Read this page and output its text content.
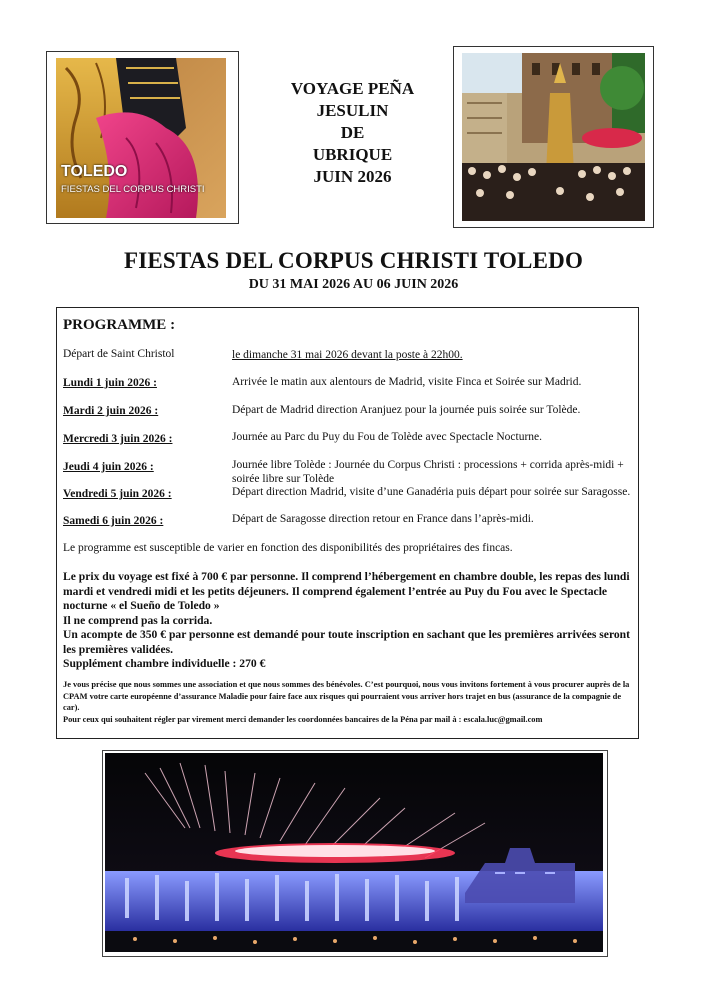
TOLEDO
FIESTAS DEL CORPUS CHRISTI
VOYAGE PEÑA
JESULIN
DE
UBRIQUE
JUIN 2026
FIESTAS DEL CORPUS CHRISTI TOLEDO
DU 31 MAI 2026 AU 06 JUIN 2026
PROGRAMME :
Départ de Saint Christol	le dimanche 31 mai 2026 devant la poste à 22h00.
Lundi 1 juin 2026 :	Arrivée le matin aux alentours de Madrid, visite Finca et Soirée sur Madrid.
Mardi 2 juin 2026 :	Départ de Madrid direction Aranjuez pour la journée puis soirée sur Tolède.
Mercredi 3 juin 2026 :	Journée au Parc du Puy du Fou de Tolède avec Spectacle Nocturne.
Jeudi 4 juin 2026 :	Journée libre Tolède : Journée du Corpus Christi : processions + corrida après-midi + soirée libre sur Tolède
Vendredi 5 juin 2026 :	Départ direction Madrid, visite d’une Ganadéria puis départ pour soirée sur Saragosse.
Samedi 6 juin 2026 :	Départ de Saragosse direction retour en France dans l’après-midi.
Le programme est susceptible de varier en fonction des disponibilités des propriétaires des fincas.

Le prix du voyage est fixé à 700 € par personne. Il comprend l’hébergement en chambre double, les repas des lundi mardi et vendredi midi et les petits déjeuners. Il comprend également l’entrée au Puy du Fou avec le Spectacle nocturne « el Sueño de Toledo »

Il ne comprend pas la corrida.

Un acompte de 350 € par personne est demandé pour toute inscription en sachant que les premières arrivées seront les premières validées.

Supplément chambre individuelle : 270 €

Je vous précise que nous sommes une association et que nous sommes des bénévoles. C’est pourquoi, nous vous invitons fortement à vous procurer auprès de la CPAM votre carte européenne d’assurance Maladie pour faire face aux risques qui pourraient vous arriver hors trajet en bus (assurance de la compagnie de car).

Pour ceux qui souhaitent régler par virement merci demander les coordonnées bancaires de la Péna par mail à : escala.luc@gmail.com
